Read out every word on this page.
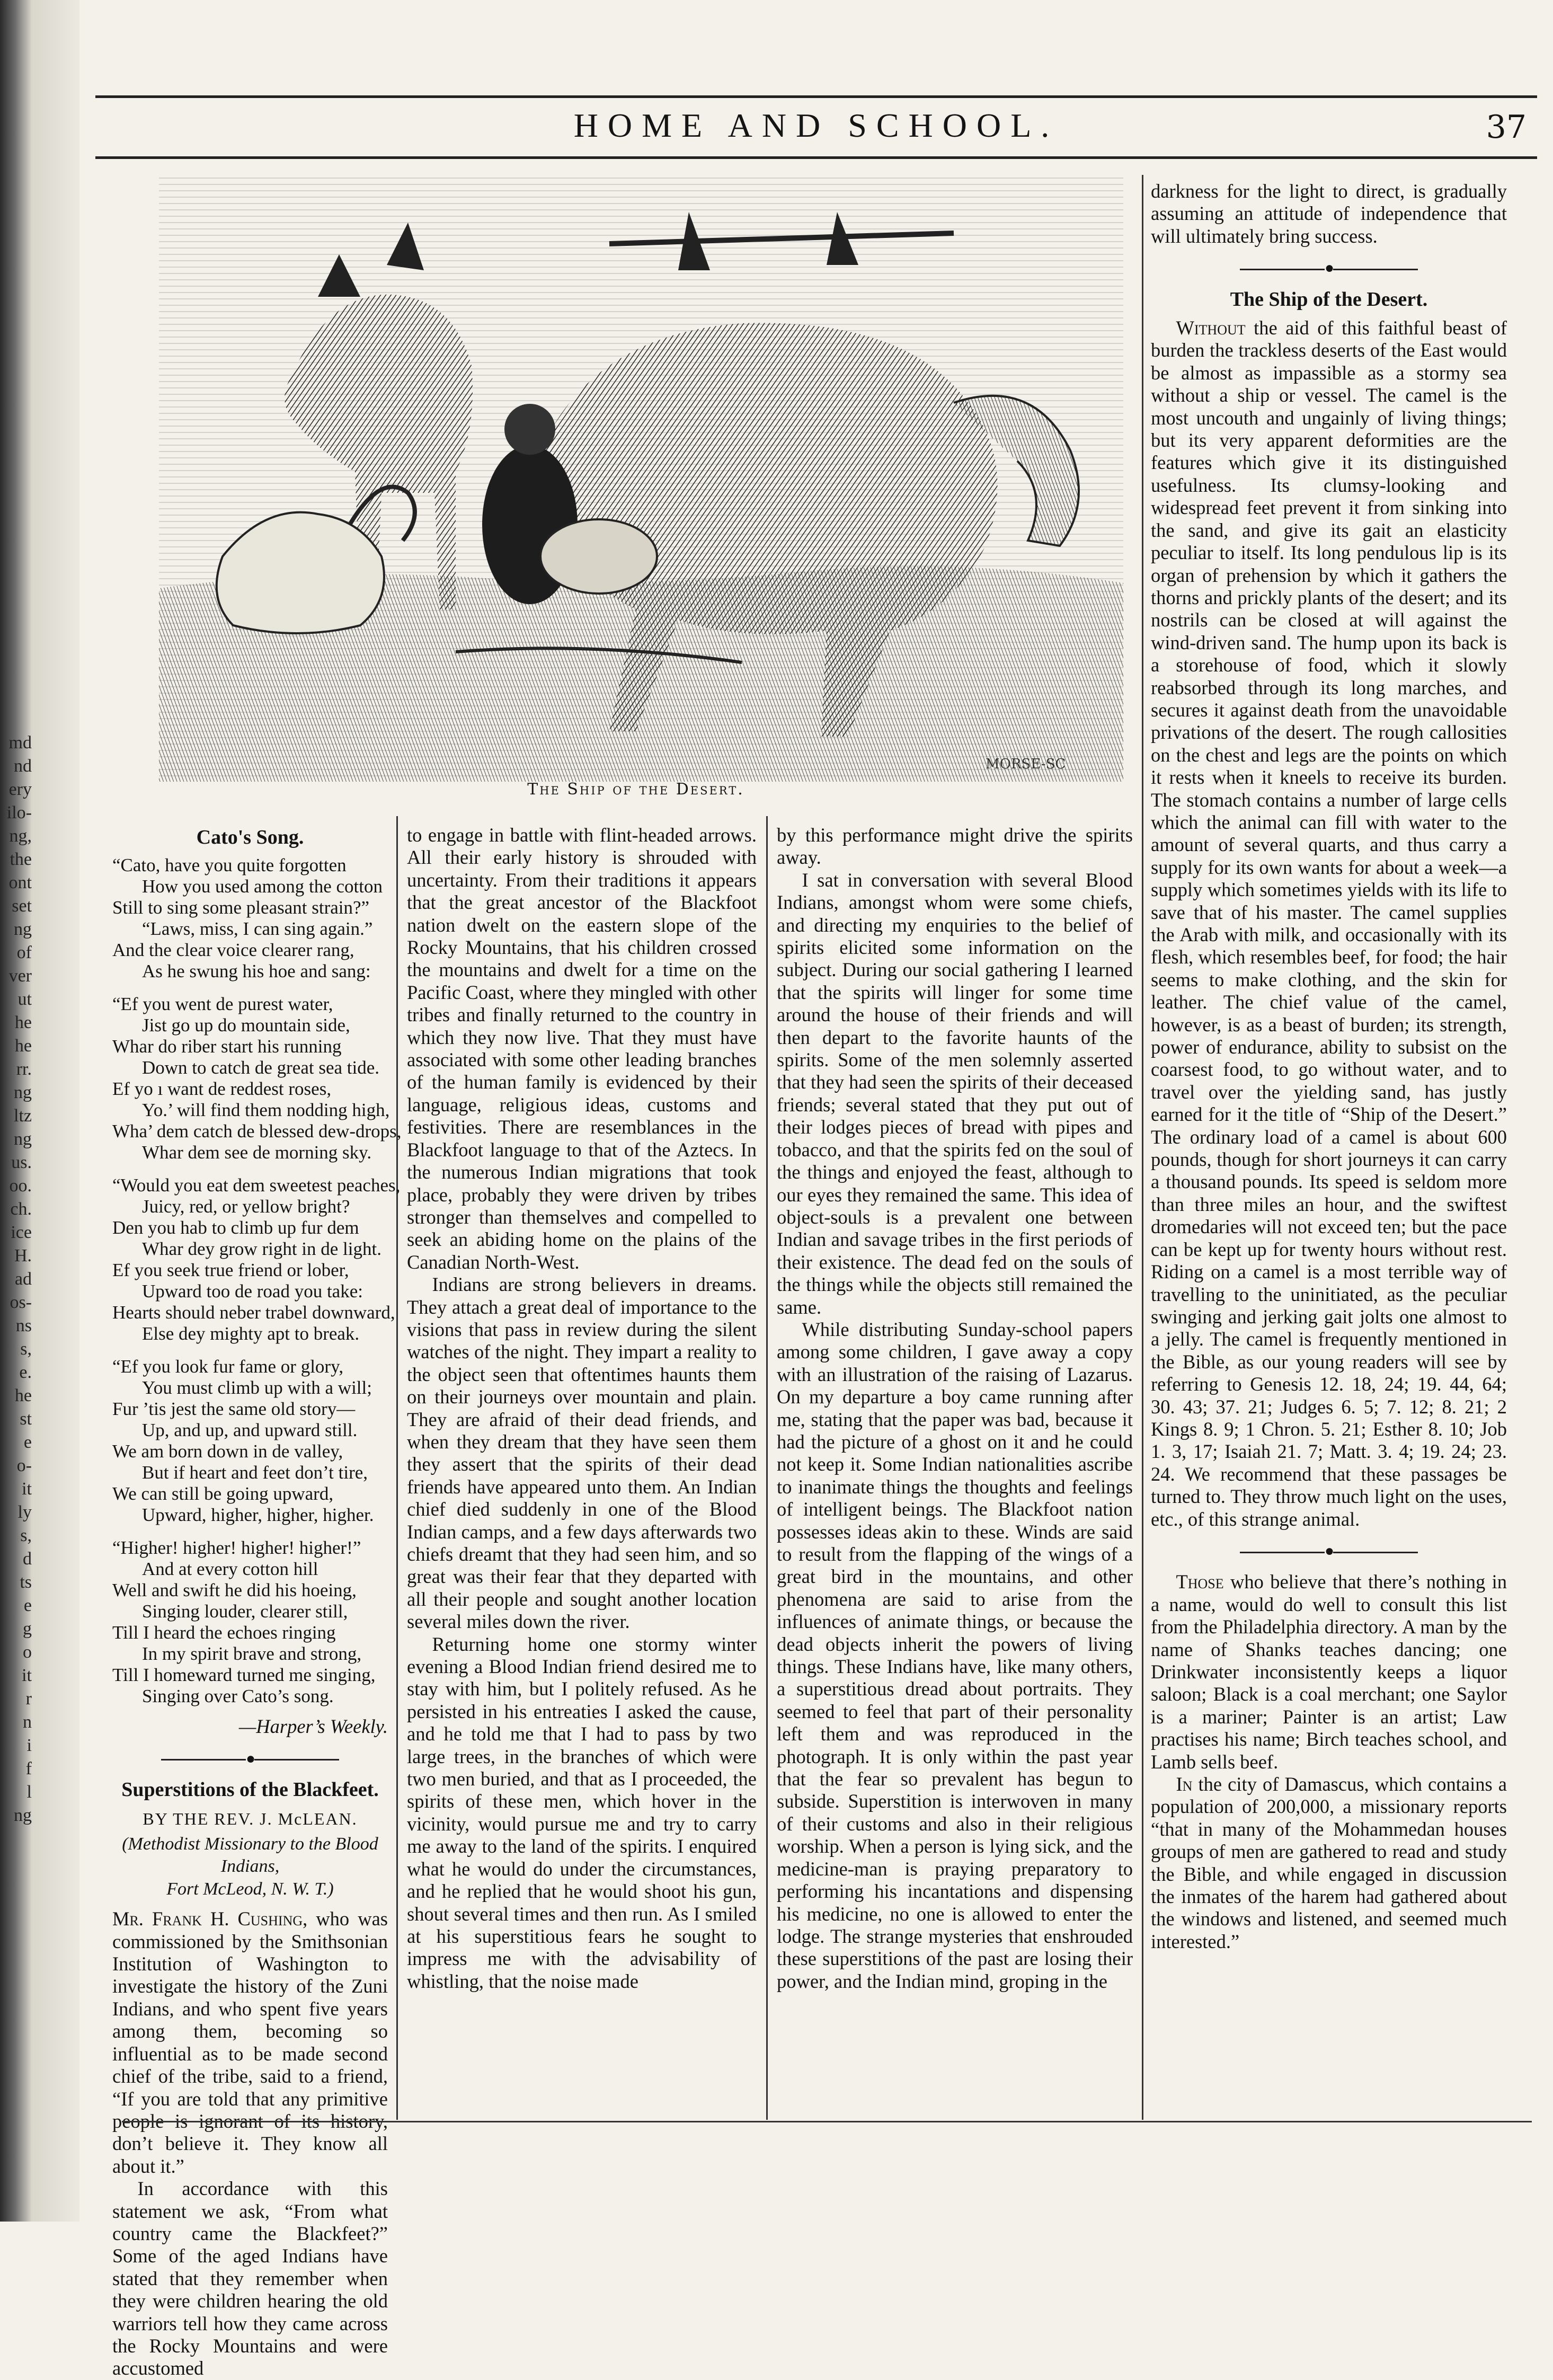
md
nd
ery
ilo-
ng,
the
ont
set
ng
of
ver
ut
he
he
rr.
ng
ltz
ng
us.
oo.
ch.
ice
H.
ad
os-
ns
s,
e.
he
st
e
o-
it
ly
s,
d
ts
e
g
o
it
r
n
i
f
l
ng
HOME AND SCHOOL.	37
MORSE-SC
The Ship of the Desert.
Cato's Song.
“Cato, have you quite forgotten
How you used among the cotton
Still to sing some pleasant strain?”
“Laws, miss, I can sing again.”
And the clear voice clearer rang,
As he swung his hoe and sang:
“Ef you went de purest water,
Jist go up do mountain side,
Whar do riber start his running
Down to catch de great sea tide.
Ef yo ı want de reddest roses,
Yo.’ will find them nodding high,
Wha’ dem catch de blessed dew-drops,
Whar dem see de morning sky.
“Would you eat dem sweetest peaches,
Juicy, red, or yellow bright?
Den you hab to climb up fur dem
Whar dey grow right in de light.
Ef you seek true friend or lober,
Upward too de road you take:
Hearts should neber trabel downward,
Else dey mighty apt to break.
“Ef you look fur fame or glory,
You must climb up with a will;
Fur ’tis jest the same old story—
Up, and up, and upward still.
We am born down in de valley,
But if heart and feet don’t tire,
We can still be going upward,
Upward, higher, higher, higher.
“Higher! higher! higher! higher!”
And at every cotton hill
Well and swift he did his hoeing,
Singing louder, clearer still,
Till I heard the echoes ringing
In my spirit brave and strong,
Till I homeward turned me singing,
Singing over Cato’s song.
—Harper’s Weekly.
●
Superstitions of the Blackfeet.
BY THE REV. J. McLEAN.
(Methodist Missionary to the Blood Indians,
Fort McLeod, N. W. T.)

Mr. Frank H. Cushing, who was commissioned by the Smithsonian Institution of Washington to investigate the history of the Zuni Indians, and who spent five years among them, becoming so influential as to be made second chief of the tribe, said to a friend, “If you are told that any primitive people is ignorant of its history, don’t believe it. They know all about it.”

In accordance with this statement we ask, “From what country came the Blackfeet?” Some of the aged Indians have stated that they remember when they were children hearing the old warriors tell how they came across the Rocky Mountains and were accustomed

to engage in battle with flint-headed arrows. All their early history is shrouded with uncertainty. From their traditions it appears that the great ancestor of the Blackfoot nation dwelt on the eastern slope of the Rocky Mountains, that his children crossed the mountains and dwelt for a time on the Pacific Coast, where they mingled with other tribes and finally returned to the country in which they now live. That they must have associated with some other leading branches of the human family is evidenced by their language, religious ideas, customs and festivities. There are resemblances in the Blackfoot language to that of the Aztecs. In the numerous Indian migrations that took place, probably they were driven by tribes stronger than themselves and compelled to seek an abiding home on the plains of the Canadian North-West.

Indians are strong believers in dreams. They attach a great deal of importance to the visions that pass in review during the silent watches of the night. They impart a reality to the object seen that oftentimes haunts them on their journeys over mountain and plain. They are afraid of their dead friends, and when they dream that they have seen them they assert that the spirits of their dead friends have appeared unto them. An Indian chief died suddenly in one of the Blood Indian camps, and a few days afterwards two chiefs dreamt that they had seen him, and so great was their fear that they departed with all their people and sought another location several miles down the river.

Returning home one stormy winter evening a Blood Indian friend desired me to stay with him, but I politely refused. As he persisted in his entreaties I asked the cause, and he told me that I had to pass by two large trees, in the branches of which were two men buried, and that as I proceeded, the spirits of these men, which hover in the vicinity, would pursue me and try to carry me away to the land of the spirits. I enquired what he would do under the circumstances, and he replied that he would shoot his gun, shout several times and then run. As I smiled at his superstitious fears he sought to impress me with the advisability of whistling, that the noise made

by this performance might drive the spirits away.

I sat in conversation with several Blood Indians, amongst whom were some chiefs, and directing my enquiries to the belief of spirits elicited some information on the subject. During our social gathering I learned that the spirits will linger for some time around the house of their friends and will then depart to the favorite haunts of the spirits. Some of the men solemnly asserted that they had seen the spirits of their deceased friends; several stated that they put out of their lodges pieces of bread with pipes and tobacco, and that the spirits fed on the soul of the things and enjoyed the feast, although to our eyes they remained the same. This idea of object-souls is a prevalent one between Indian and savage tribes in the first periods of their existence. The dead fed on the souls of the things while the objects still remained the same.

While distributing Sunday-school papers among some children, I gave away a copy with an illustration of the raising of Lazarus. On my departure a boy came running after me, stating that the paper was bad, because it had the picture of a ghost on it and he could not keep it. Some Indian nationalities ascribe to inanimate things the thoughts and feelings of intelligent beings. The Blackfoot nation possesses ideas akin to these. Winds are said to result from the flapping of the wings of a great bird in the mountains, and other phenomena are said to arise from the influences of animate things, or because the dead objects inherit the powers of living things. These Indians have, like many others, a superstitious dread about portraits. They seemed to feel that part of their personality left them and was reproduced in the photograph. It is only within the past year that the fear so prevalent has begun to subside. Superstition is interwoven in many of their customs and also in their religious worship. When a person is lying sick, and the medicine-man is praying preparatory to performing his incantations and dispensing his medicine, no one is allowed to enter the lodge. The strange mysteries that enshrouded these superstitions of the past are losing their power, and the Indian mind, groping in the

darkness for the light to direct, is gradually assuming an attitude of independence that will ultimately bring success.

●
The Ship of the Desert.

Without the aid of this faithful beast of burden the trackless deserts of the East would be almost as impassible as a stormy sea without a ship or vessel. The camel is the most uncouth and ungainly of living things; but its very apparent deformities are the features which give it its distinguished usefulness. Its clumsy-looking and widespread feet prevent it from sinking into the sand, and give its gait an elasticity peculiar to itself. Its long pendulous lip is its organ of prehension by which it gathers the thorns and prickly plants of the desert; and its nostrils can be closed at will against the wind-driven sand. The hump upon its back is a storehouse of food, which it slowly reabsorbed through its long marches, and secures it against death from the unavoidable privations of the desert. The rough callosities on the chest and legs are the points on which it rests when it kneels to receive its burden. The stomach contains a number of large cells which the animal can fill with water to the amount of several quarts, and thus carry a supply for its own wants for about a week—a supply which sometimes yields with its life to save that of his master. The camel supplies the Arab with milk, and occasionally with its flesh, which resembles beef, for food; the hair seems to make clothing, and the skin for leather. The chief value of the camel, however, is as a beast of burden; its strength, power of endurance, ability to subsist on the coarsest food, to go without water, and to travel over the yielding sand, has justly earned for it the title of “Ship of the Desert.” The ordinary load of a camel is about 600 pounds, though for short journeys it can carry a thousand pounds. Its speed is seldom more than three miles an hour, and the swiftest dromedaries will not exceed ten; but the pace can be kept up for twenty hours without rest. Riding on a camel is a most terrible way of travelling to the uninitiated, as the peculiar swinging and jerking gait jolts one almost to a jelly. The camel is frequently mentioned in the Bible, as our young readers will see by referring to Genesis 12. 18, 24; 19. 44, 64; 30. 43; 37. 21; Judges 6. 5; 7. 12; 8. 21; 2 Kings 8. 9; 1 Chron. 5. 21; Esther 8. 10; Job 1. 3, 17; Isaiah 21. 7; Matt. 3. 4; 19. 24; 23. 24. We recommend that these passages be turned to. They throw much light on the uses, etc., of this strange animal.

●

Those who believe that there’s nothing in a name, would do well to consult this list from the Philadelphia directory. A man by the name of Shanks teaches dancing; one Drinkwater inconsistently keeps a liquor saloon; Black is a coal merchant; one Saylor is a mariner; Painter is an artist; Law practises his name; Birch teaches school, and Lamb sells beef.

In the city of Damascus, which contains a population of 200,000, a missionary reports “that in many of the Mohammedan houses groups of men are gathered to read and study the Bible, and while engaged in discussion the inmates of the harem had gathered about the windows and listened, and seemed much interested.”
